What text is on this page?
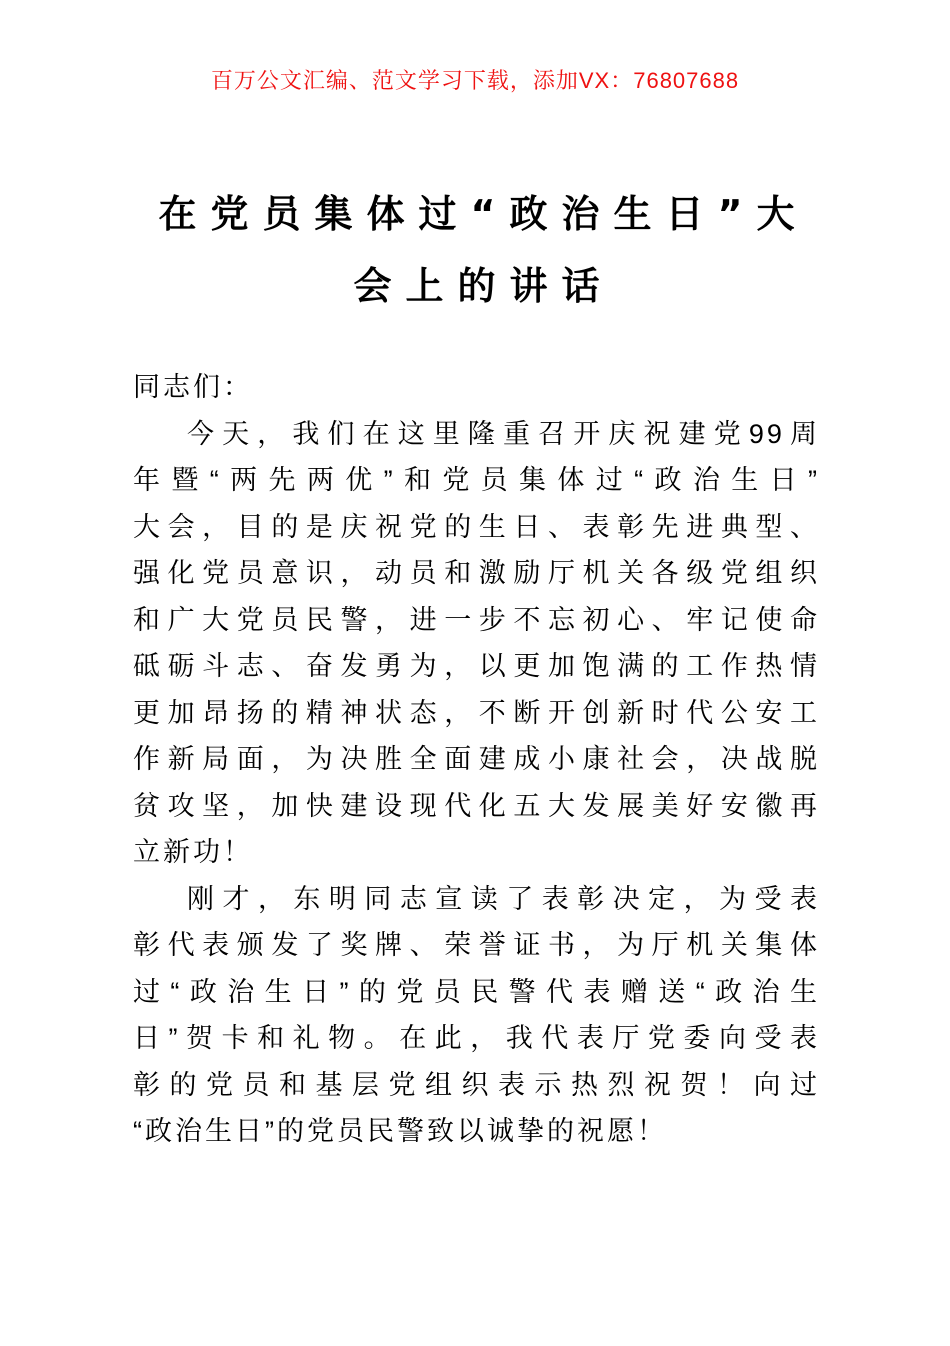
百万公文汇编、范文学习下载，添加VX：76807688
在党员集体过“政治生日”大
会上的讲话
同志们：
今天，我们在这里隆重召开庆祝建党99周
年暨“两先两优”和党员集体过“政治生日”
大会，目的是庆祝党的生日、表彰先进典型、
强化党员意识，动员和激励厅机关各级党组织
和广大党员民警，进一步不忘初心、牢记使命
砥砺斗志、奋发勇为，以更加饱满的工作热情
更加昂扬的精神状态，不断开创新时代公安工
作新局面，为决胜全面建成小康社会，决战脱
贫攻坚，加快建设现代化五大发展美好安徽再
立新功！
刚才，东明同志宣读了表彰决定，为受表
彰代表颁发了奖牌、荣誉证书，为厅机关集体
过“政治生日”的党员民警代表赠送“政治生
日”贺卡和礼物。在此，我代表厅党委向受表
彰的党员和基层党组织表示热烈祝贺！向过
“政治生日”的党员民警致以诚挚的祝愿！
